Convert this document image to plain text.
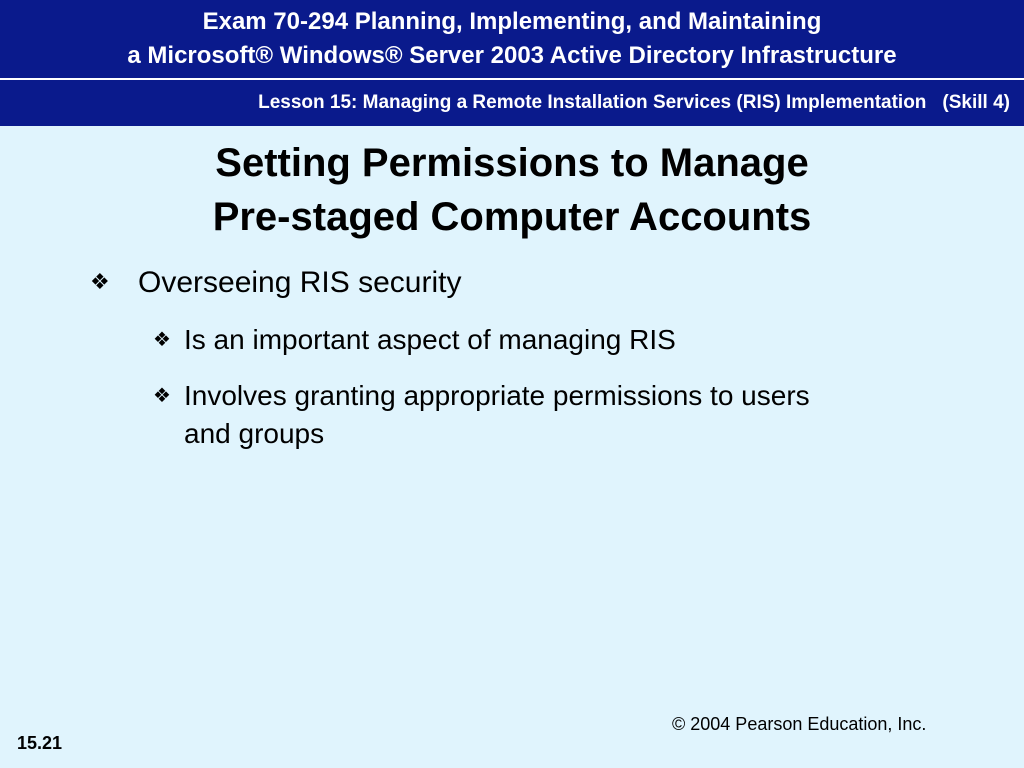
Exam 70-294 Planning, Implementing, and Maintaining
a Microsoft® Windows® Server 2003 Active Directory Infrastructure
Lesson 15: Managing a Remote Installation Services (RIS) Implementation (Skill 4)
Setting Permissions to Manage
Pre-staged Computer Accounts
❖ Overseeing RIS security
❖ Is an important aspect of managing RIS
❖ Involves granting appropriate permissions to users and groups
© 2004 Pearson Education, Inc.
15.21
